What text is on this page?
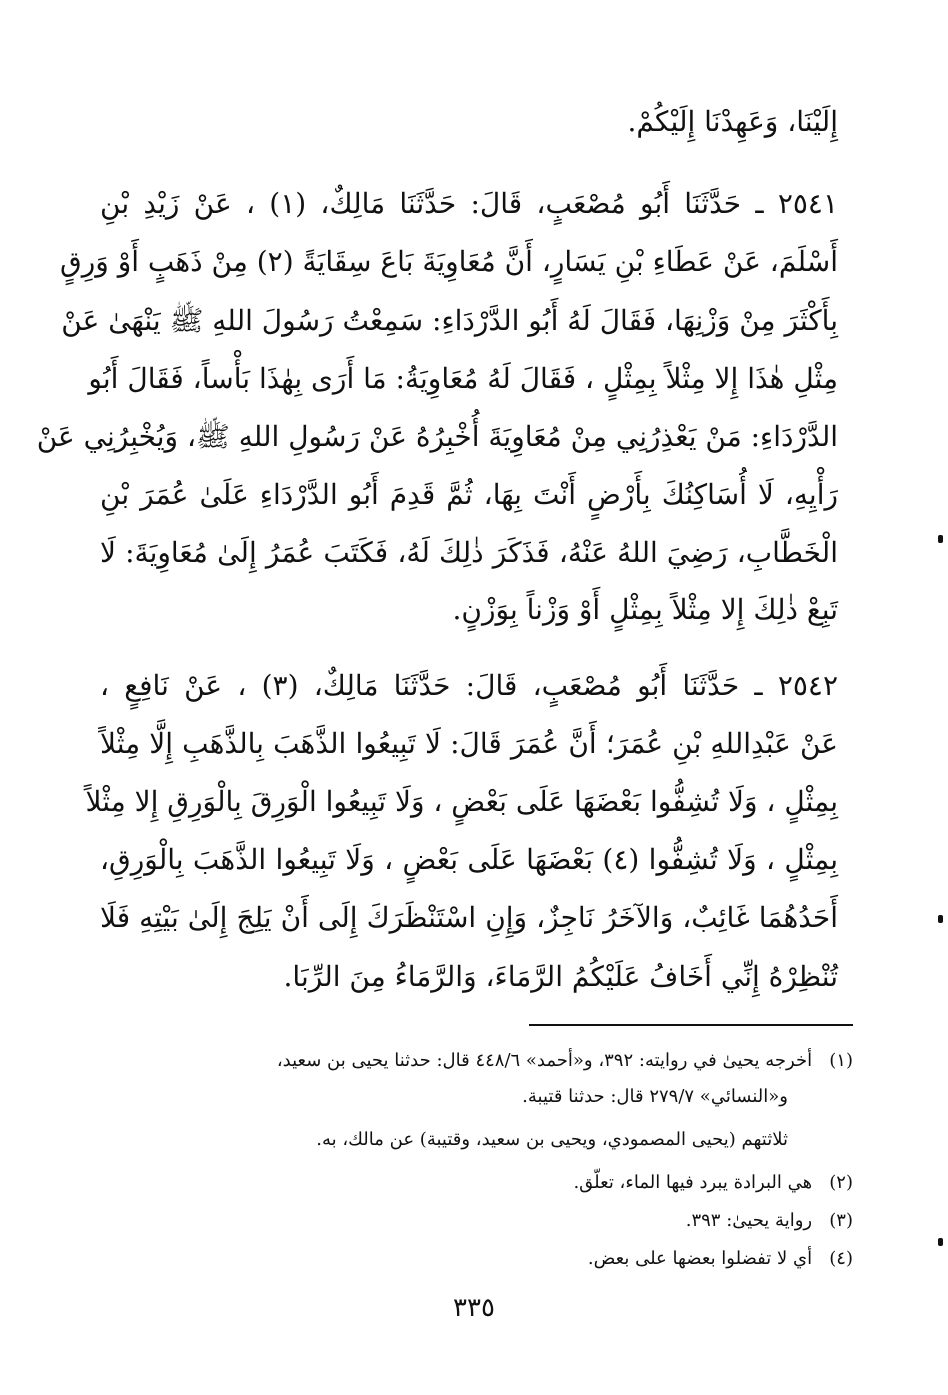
إِلَيْنَا، وَعَهِدْنَا إِلَيْكُمْ.
٢٥٤١ ـ حَدَّثَنَا أَبُو مُصْعَبٍ، قَالَ: حَدَّثَنَا مَالِكٌ، (١) ، عَنْ زَيْدِ بْنِ
أَسْلَمَ، عَنْ عَطَاءِ بْنِ يَسَارٍ، أَنَّ مُعَاوِيَةَ بَاعَ سِقَايَةً (٢) مِنْ ذَهَبٍ أَوْ وَرِقٍ
بِأَكْثَرَ مِنْ وَزْنِهَا، فَقَالَ لَهُ أَبُو الدَّرْدَاءِ: سَمِعْتُ رَسُولَ اللهِ ﷺ يَنْهَىٰ عَنْ
مِثْلِ هٰذَا إِلا مِثْلاً بِمِثْلٍ ، فَقَالَ لَهُ مُعَاوِيَةُ: مَا أَرَى بِهٰذَا بَأْساً، فَقَالَ أَبُو
الدَّرْدَاءِ: مَنْ يَعْذِرُنِي مِنْ مُعَاوِيَةَ أُخْبِرُهُ عَنْ رَسُولِ اللهِ ﷺ، وَيُخْبِرُنِي عَنْ
رَأْيِهِ، لَا أُسَاكِنُكَ بِأَرْضٍ أَنْتَ بِهَا، ثُمَّ قَدِمَ أَبُو الدَّرْدَاءِ عَلَىٰ عُمَرَ بْنِ
الْخَطَّابِ، رَضِيَ اللهُ عَنْهُ، فَذَكَرَ ذٰلِكَ لَهُ، فَكَتَبَ عُمَرُ إِلَىٰ مُعَاوِيَةَ: لَا
تَبِعْ ذٰلِكَ إِلا مِثْلاً بِمِثْلٍ أَوْ وَزْناً بِوَزْنٍ.
٢٥٤٢ ـ حَدَّثَنَا أَبُو مُصْعَبٍ، قَالَ: حَدَّثَنَا مَالِكٌ، (٣) ، عَنْ نَافِعٍ ،
عَنْ عَبْدِاللهِ بْنِ عُمَرَ؛ أَنَّ عُمَرَ قَالَ: لَا تَبِيعُوا الذَّهَبَ بِالذَّهَبِ إِلَّا مِثْلاً
بِمِثْلٍ ، وَلَا تُشِفُّوا بَعْضَهَا عَلَى بَعْضٍ ، وَلَا تَبِيعُوا الْوَرِقَ بِالْوَرِقِ إِلا مِثْلاً
بِمِثْلٍ ، وَلَا تُشِفُّوا (٤) بَعْضَهَا عَلَى بَعْضٍ ، وَلَا تَبِيعُوا الذَّهَبَ بِالْوَرِقِ،
أَحَدُهُمَا غَائِبٌ، وَالآخَرُ نَاجِزٌ، وَإِنِ اسْتَنْظَرَكَ إِلَى أَنْ يَلِجَ إِلَىٰ بَيْتِهِ فَلَا
تُنْظِرْهُ إِنِّي أَخَافُ عَلَيْكُمُ الرَّمَاءَ، وَالرَّمَاءُ مِنَ الرِّبَا.
(١)   أخرجه يحيىٰ في روايته: ٣٩٢، و«أحمد» ٤٤٨/٦ قال: حدثنا يحيى بن سعيد،
و«النسائي» ٢٧٩/٧ قال: حدثنا قتيبة.
ثلاثتهم (يحيى المصمودي، ويحيى بن سعيد، وقتيبة) عن مالك، به.
(٢)   هي البرادة يبرد فيها الماء، تعلّق.
(٣)   رواية يحيىٰ: ٣٩٣.
(٤)   أي لا تفضلوا بعضها على بعض.
٣٣٥
